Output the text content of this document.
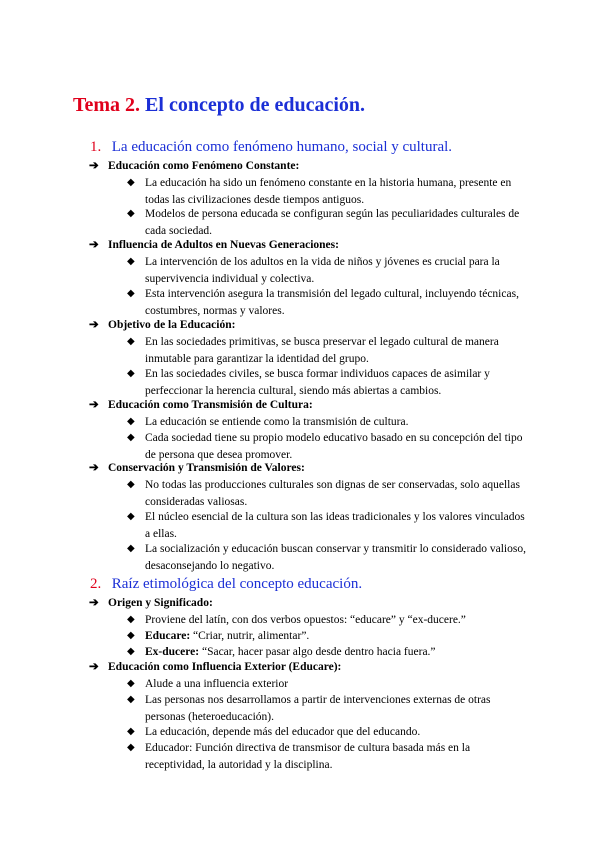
Tema 2. El concepto de educación.
1. La educación como fenómeno humano, social y cultural.
➔ Educación como Fenómeno Constante:
◆ La educación ha sido un fenómeno constante en la historia humana, presente en todas las civilizaciones desde tiempos antiguos.
◆ Modelos de persona educada se configuran según las peculiaridades culturales de cada sociedad.
➔ Influencia de Adultos en Nuevas Generaciones:
◆ La intervención de los adultos en la vida de niños y jóvenes es crucial para la supervivencia individual y colectiva.
◆ Esta intervención asegura la transmisión del legado cultural, incluyendo técnicas, costumbres, normas y valores.
➔ Objetivo de la Educación:
◆ En las sociedades primitivas, se busca preservar el legado cultural de manera inmutable para garantizar la identidad del grupo.
◆ En las sociedades civiles, se busca formar individuos capaces de asimilar y perfeccionar la herencia cultural, siendo más abiertas a cambios.
➔ Educación como Transmisión de Cultura:
◆ La educación se entiende como la transmisión de cultura.
◆ Cada sociedad tiene su propio modelo educativo basado en su concepción del tipo de persona que desea promover.
➔ Conservación y Transmisión de Valores:
◆ No todas las producciones culturales son dignas de ser conservadas, solo aquellas consideradas valiosas.
◆ El núcleo esencial de la cultura son las ideas tradicionales y los valores vinculados a ellas.
◆ La socialización y educación buscan conservar y transmitir lo considerado valioso, desaconsejando lo negativo.
2. Raíz etimológica del concepto educación.
➔ Origen y Significado:
◆ Proviene del latín, con dos verbos opuestos: “educare” y “ex-ducere.”
◆ Educare: “Criar, nutrir, alimentar”.
◆ Ex-ducere: “Sacar, hacer pasar algo desde dentro hacia fuera.”
➔ Educación como Influencia Exterior (Educare):
◆ Alude a una influencia exterior
◆ Las personas nos desarrollamos a partir de intervenciones externas de otras personas (heteroeducación).
◆ La educación, depende más del educador que del educando.
◆ Educador: Función directiva de transmisor de cultura basada más en la receptividad, la autoridad y la disciplina.
